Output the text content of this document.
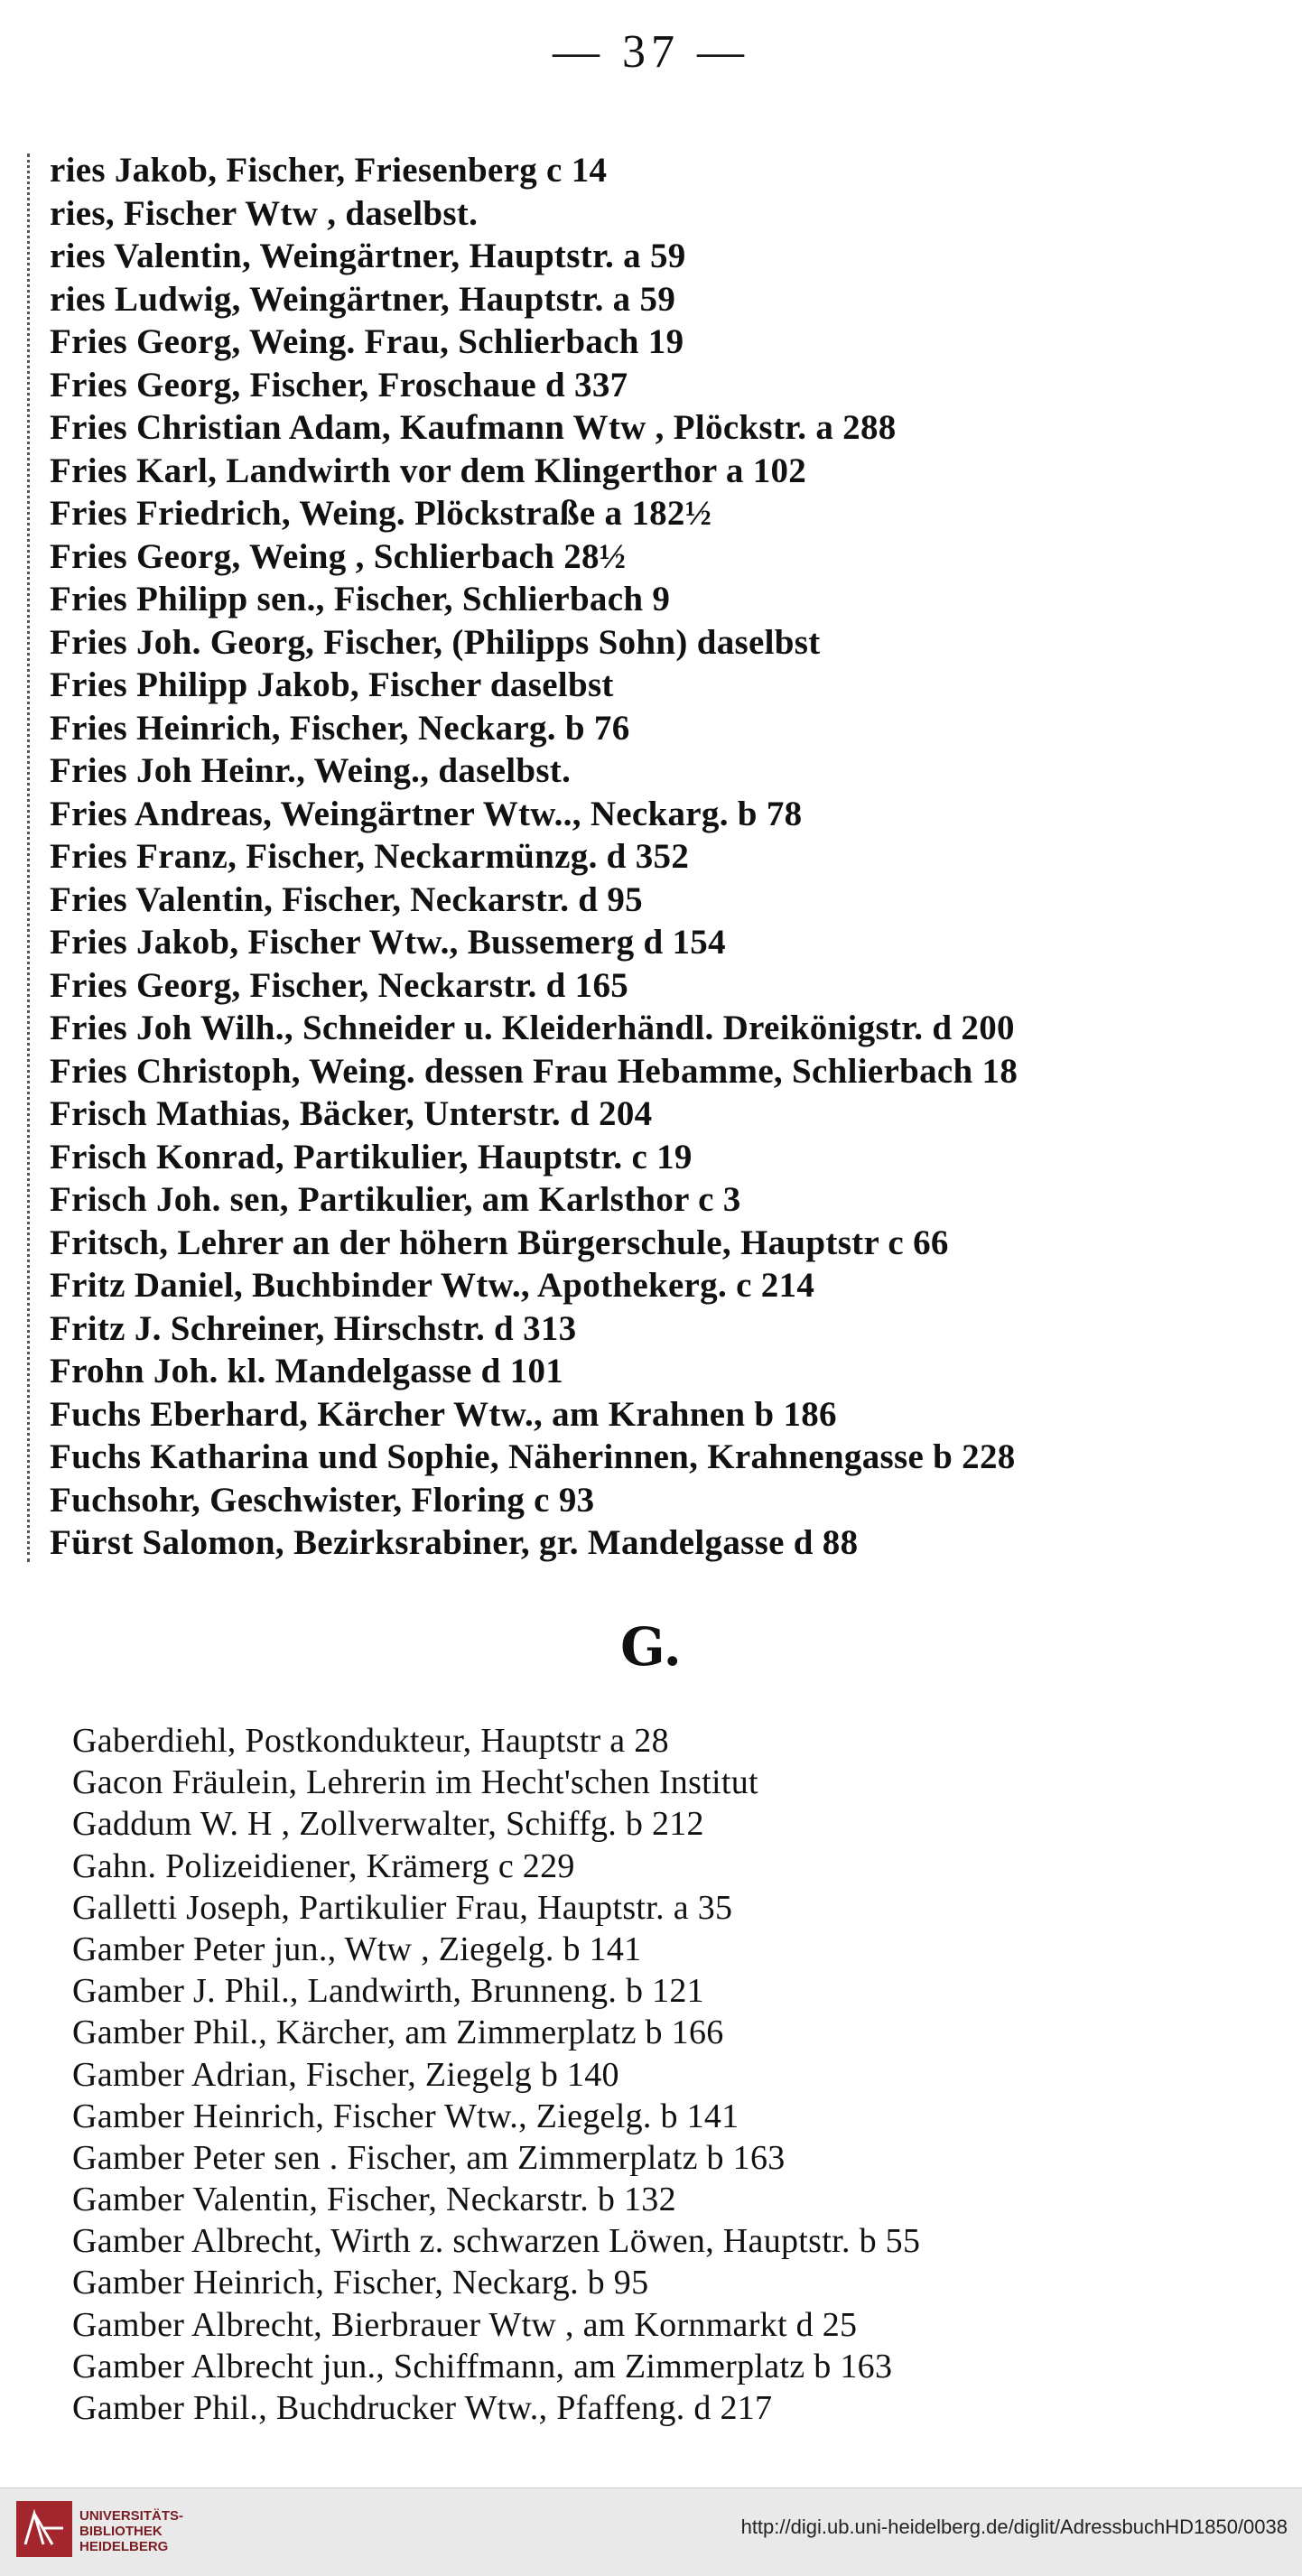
— 37 —
ries Jakob, Fischer, Friesenberg c 14
ries, Fischer Wtw , daselbst.
ries Valentin, Weingärtner, Hauptstr. a 59
ries Ludwig, Weingärtner, Hauptstr. a 59
Fries Georg, Weing. Frau, Schlierbach 19
Fries Georg, Fischer, Froschaue d 337
Fries Christian Adam, Kaufmann Wtw , Plöckstr. a 288
Fries Karl, Landwirth vor dem Klingerthor a 102
Fries Friedrich, Weing. Plöckstraße a 182½
Fries Georg, Weing , Schlierbach 28½
Fries Philipp sen., Fischer, Schlierbach 9
Fries Joh. Georg, Fischer, (Philipps Sohn) daselbst
Fries Philipp Jakob, Fischer daselbst
Fries Heinrich, Fischer, Neckarg. b 76
Fries Joh Heinr., Weing., daselbst.
Fries Andreas, Weingärtner Wtw.., Neckarg. b 78
Fries Franz, Fischer, Neckarmünzg. d 352
Fries Valentin, Fischer, Neckarstr. d 95
Fries Jakob, Fischer Wtw., Bussemerg d 154
Fries Georg, Fischer, Neckarstr. d 165
Fries Joh Wilh., Schneider u. Kleiderhändl. Dreikönigstr. d 200
Fries Christoph, Weing. dessen Frau Hebamme, Schlierbach 18
Frisch Mathias, Bäcker, Unterstr. d 204
Frisch Konrad, Partikulier, Hauptstr. c 19
Frisch Joh. sen, Partikulier, am Karlsthor c 3
Fritsch, Lehrer an der höhern Bürgerschule, Hauptstr c 66
Fritz Daniel, Buchbinder Wtw., Apothekerg. c 214
Fritz J. Schreiner, Hirschstr. d 313
Frohn Joh. kl. Mandelgasse d 101
Fuchs Eberhard, Kärcher Wtw., am Krahnen b 186
Fuchs Katharina und Sophie, Näherinnen, Krahnengasse b 228
Fuchsohr, Geschwister, Floring c 93
Fürst Salomon, Bezirksrabiner, gr. Mandelgasse d 88
G.
Gaberdiehl, Postkondukteur, Hauptstr a 28
Gacon Fräulein, Lehrerin im Hecht'schen Institut
Gaddum W. H , Zollverwalter, Schiffg. b 212
Gahn. Polizeidiener, Krämerg c 229
Galletti Joseph, Partikulier Frau, Hauptstr. a 35
Gamber Peter jun., Wtw , Ziegelg. b 141
Gamber J. Phil., Landwirth, Brunneng. b 121
Gamber Phil., Kärcher, am Zimmerplatz b 166
Gamber Adrian, Fischer, Ziegelg b 140
Gamber Heinrich, Fischer Wtw., Ziegelg. b 141
Gamber Peter sen . Fischer, am Zimmerplatz b 163
Gamber Valentin, Fischer, Neckarstr. b 132
Gamber Albrecht, Wirth z. schwarzen Löwen, Hauptstr. b 55
Gamber Heinrich, Fischer, Neckarg. b 95
Gamber Albrecht, Bierbrauer Wtw , am Kornmarkt d 25
Gamber Albrecht jun., Schiffmann, am Zimmerplatz b 163
Gamber Phil., Buchdrucker Wtw., Pfaffeng. d 217
UNIVERSITÄTS-
BIBLIOTHEK
HEIDELBERG
http://digi.ub.uni-heidelberg.de/diglit/AdressbuchHD1850/0038
